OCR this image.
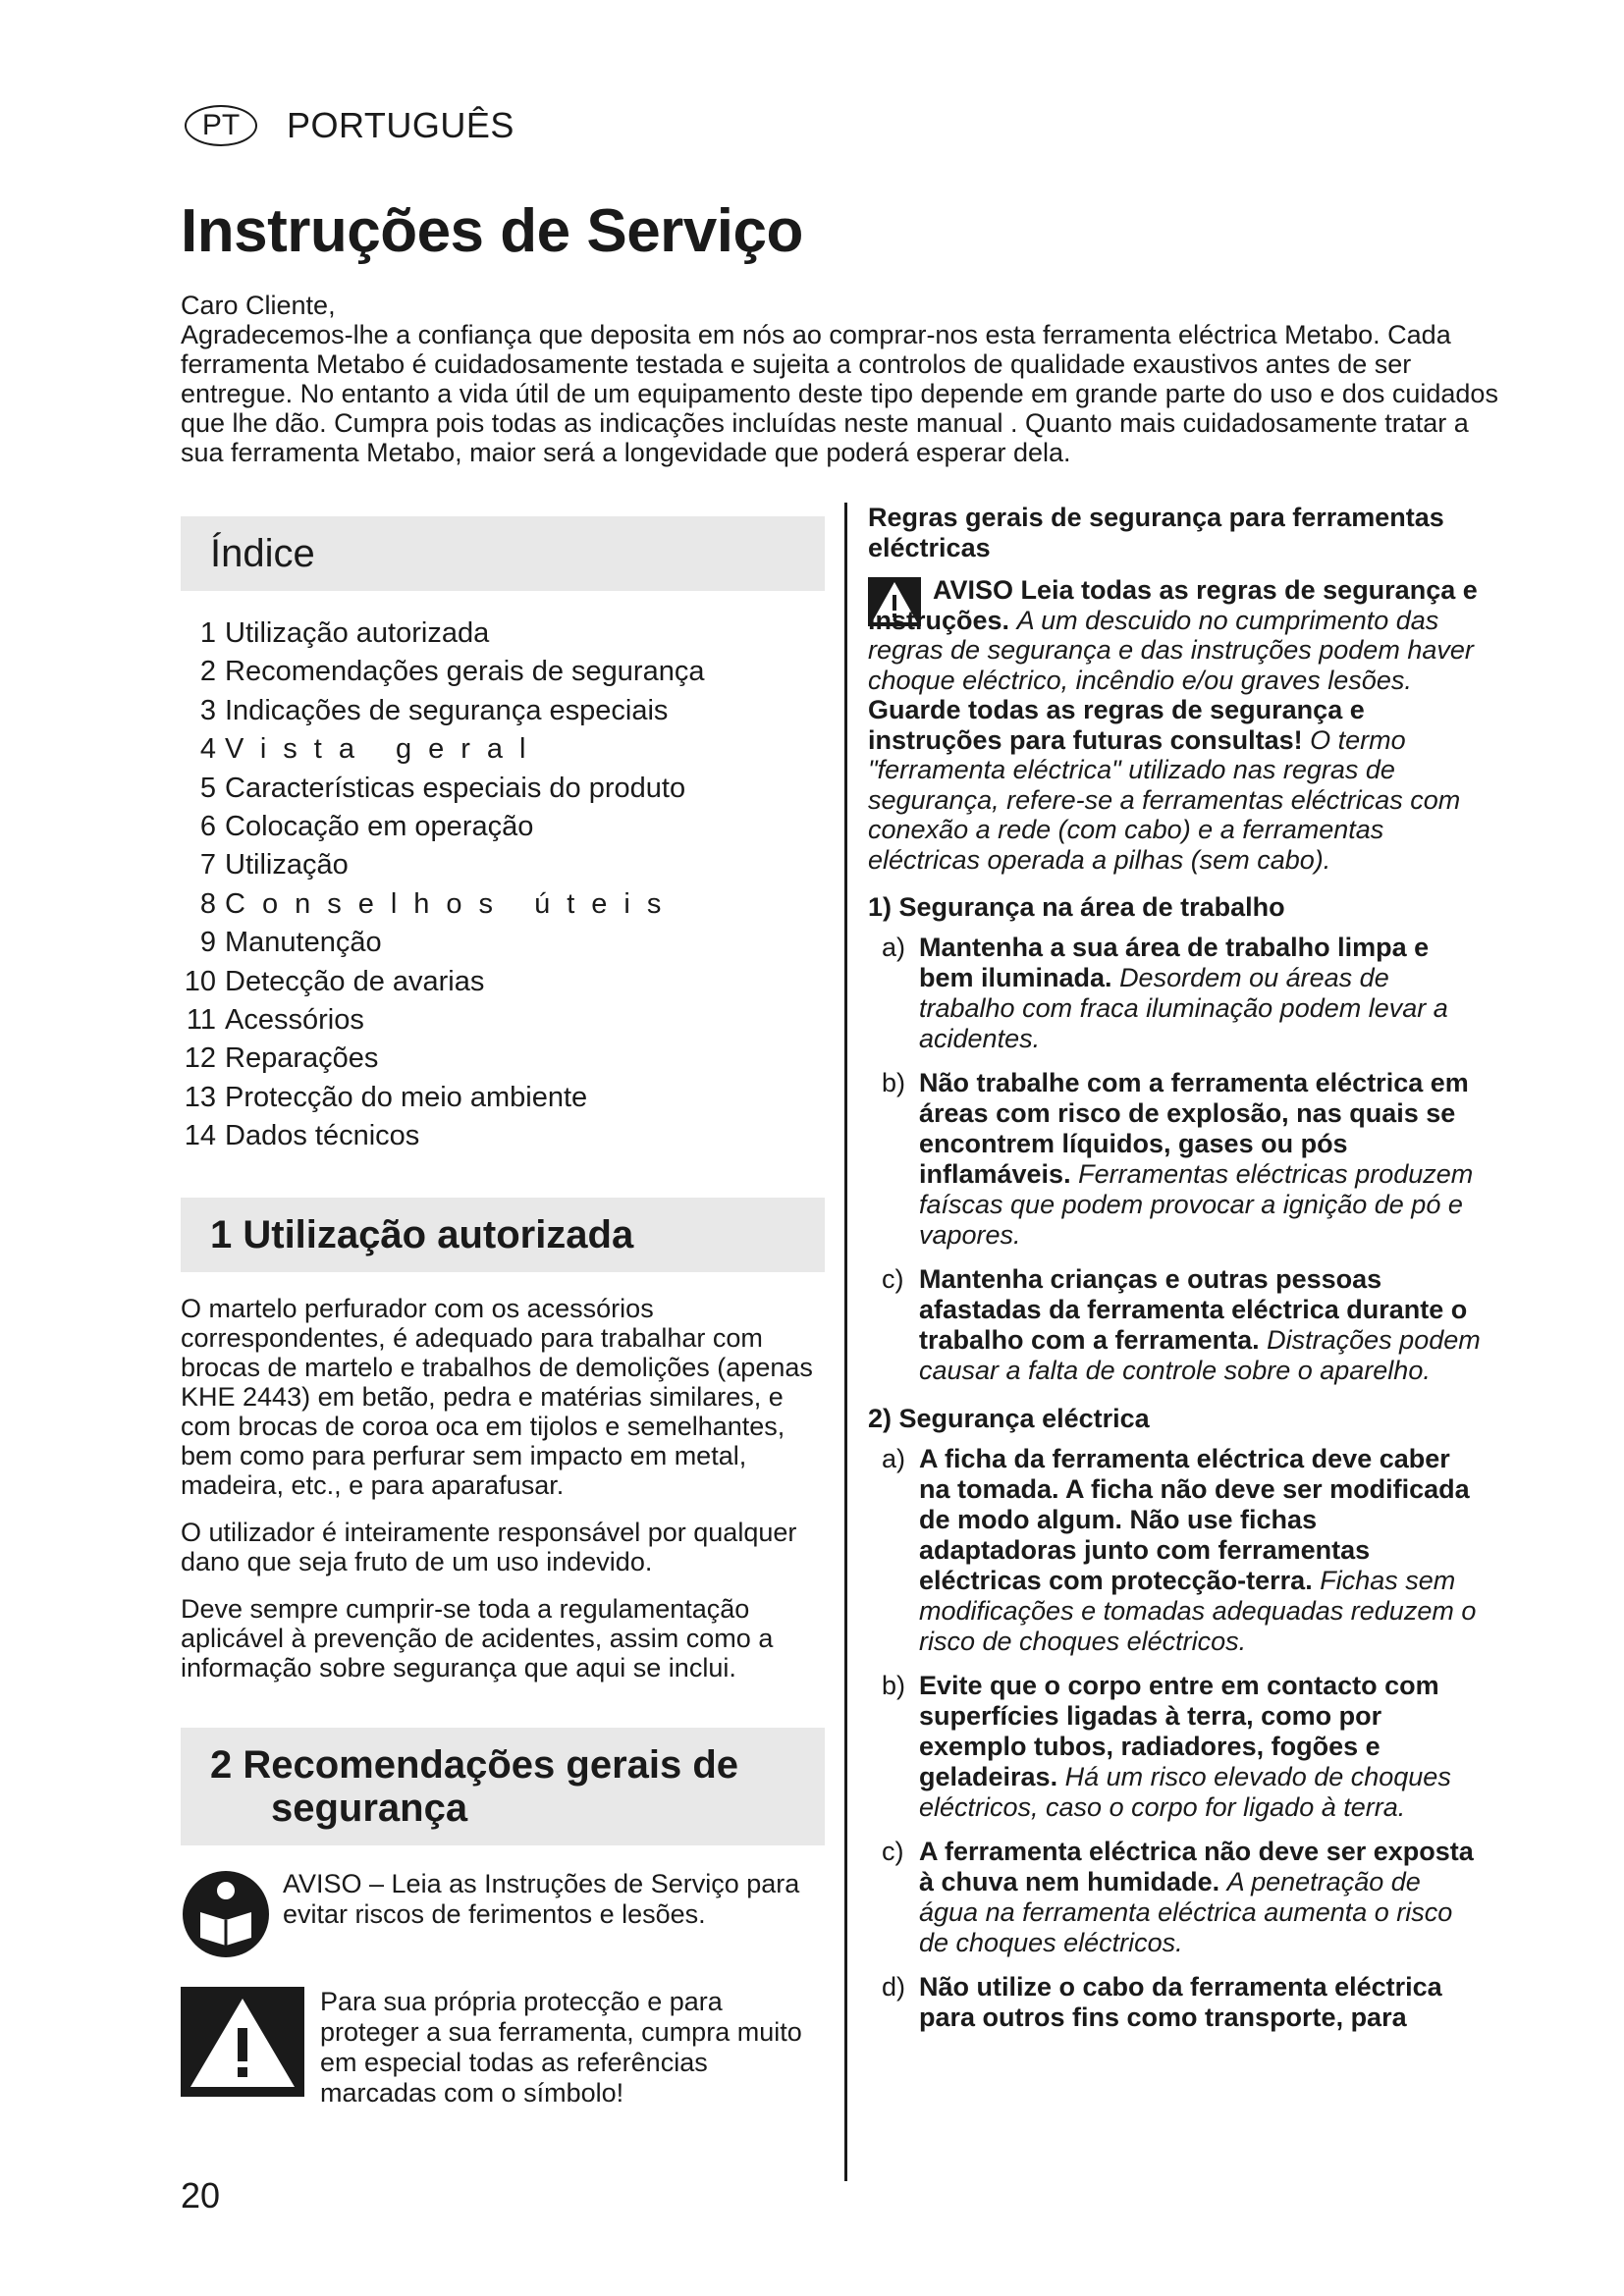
PT	PORTUGUÊS
Instruções de Serviço

Caro Cliente,

Agradecemos-lhe a confiança que deposita em nós ao comprar-nos esta ferramenta eléctrica Metabo. Cada ferramenta Metabo é cuidadosamente testada e sujeita a controlos de qualidade exaustivos antes de ser entregue. No entanto a vida útil de um equipamento deste tipo depende em grande parte do uso e dos cuidados que lhe dão. Cumpra pois todas as indicações incluídas neste manual . Quanto mais cuidadosamente tratar a sua ferramenta Metabo, maior será a longevidade que poderá esperar dela.

Índice
1 Utilização autorizada
2 Recomendações gerais de segurança
3 Indicações de segurança especiais
4 Vista geral
5 Características especiais do produto
6 Colocação em operação
7 Utilização
8 Conselhos úteis
9 Manutenção
10 Detecção de avarias
11 Acessórios
12 Reparações
13 Protecção do meio ambiente
14 Dados técnicos
1 Utilização autorizada

O martelo perfurador com os acessórios correspondentes, é adequado para trabalhar com brocas de martelo e trabalhos de demolições (apenas KHE 2443) em betão, pedra e matérias similares, e com brocas de coroa oca em tijolos e semelhantes, bem como para perfurar sem impacto em metal, madeira, etc., e para aparafusar.

O utilizador é inteiramente responsável por qualquer dano que seja fruto de um uso indevido.

Deve sempre cumprir-se toda a regulamentação aplicável à prevenção de acidentes, assim como a informação sobre segurança que aqui se inclui.

2 Recomendações gerais de
segurança
AVISO – Leia as Instruções de Serviço para evitar riscos de ferimentos e lesões.
Para sua própria protecção e para proteger a sua ferramenta, cumpra muito em especial todas as referências marcadas com o símbolo!

Regras gerais de segurança para ferramentas eléctricas

AVISO Leia todas as regras de segurança e instruções. A um descuido no cumprimento das regras de segurança e das instruções podem haver choque eléctrico, incêndio e/ou graves lesões. Guarde todas as regras de segurança e instruções para futuras consultas! O termo "ferramenta eléctrica" utilizado nas regras de segurança, refere-se a ferramentas eléctricas com conexão a rede (com cabo) e a ferramentas eléctricas operada a pilhas (sem cabo).

1) Segurança na área de trabalho

a) Mantenha a sua área de trabalho limpa e bem iluminada. Desordem ou áreas de trabalho com fraca iluminação podem levar a acidentes.
b) Não trabalhe com a ferramenta eléctrica em áreas com risco de explosão, nas quais se encontrem líquidos, gases ou pós inflamáveis. Ferramentas eléctricas produzem faíscas que podem provocar a ignição de pó e vapores.
c) Mantenha crianças e outras pessoas afastadas da ferramenta eléctrica durante o trabalho com a ferramenta. Distrações podem causar a falta de controle sobre o aparelho.

2) Segurança eléctrica

a) A ficha da ferramenta eléctrica deve caber na tomada. A ficha não deve ser modificada de modo algum. Não use fichas adaptadoras junto com ferramentas eléctricas com protecção-terra. Fichas sem modificações e tomadas adequadas reduzem o risco de choques eléctricos.
b) Evite que o corpo entre em contacto com superfícies ligadas à terra, como por exemplo tubos, radiadores, fogões e geladeiras. Há um risco elevado de choques eléctricos, caso o corpo for ligado à terra.
c) A ferramenta eléctrica não deve ser exposta à chuva nem humidade. A penetração de água na ferramenta eléctrica aumenta o risco de choques eléctricos.
d) Não utilize o cabo da ferramenta eléctrica para outros fins como transporte, para
20
